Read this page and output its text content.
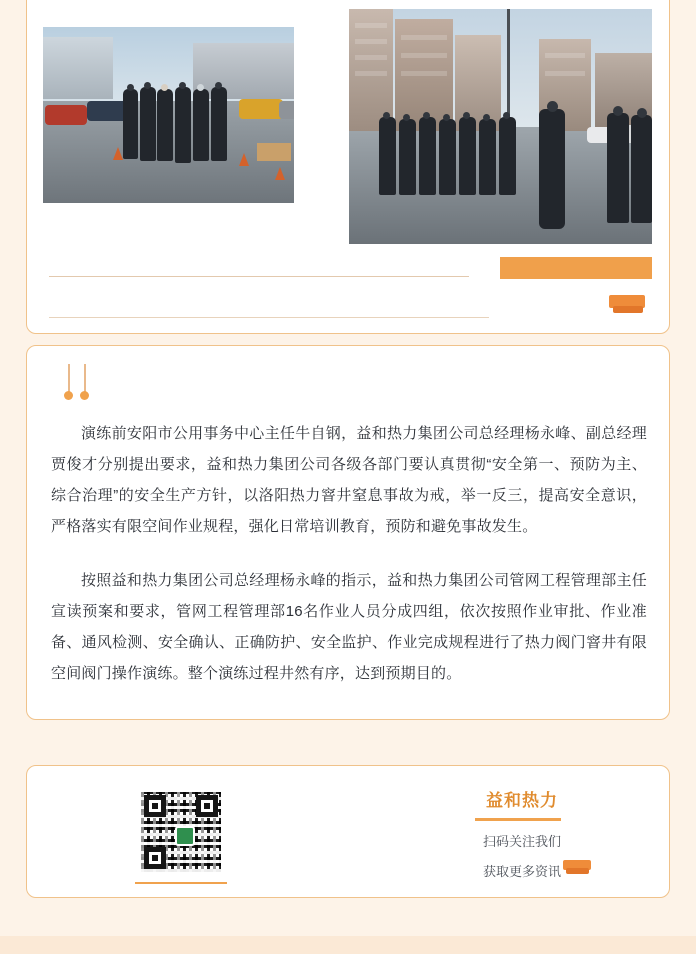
演练前安阳市公用事务中心主任牛自钢，益和热力集团公司总经理杨永峰、副总经理贾俊才分别提出要求，益和热力集团公司各级各部门要认真贯彻“安全第一、预防为主、综合治理”的安全生产方针，以洛阳热力窨井窒息事故为戒，举一反三，提高安全意识，严格落实有限空间作业规程，强化日常培训教育，预防和避免事故发生。

按照益和热力集团公司总经理杨永峰的指示，益和热力集团公司管网工程管理部主任宣读预案和要求，管网工程管理部16名作业人员分成四组，依次按照作业审批、作业准备、通风检测、安全确认、正确防护、安全监护、作业完成规程进行了热力阀门窨井有限空间阀门操作演练。整个演练过程井然有序，达到预期目的。

益和热力
扫码关注我们
获取更多资讯
